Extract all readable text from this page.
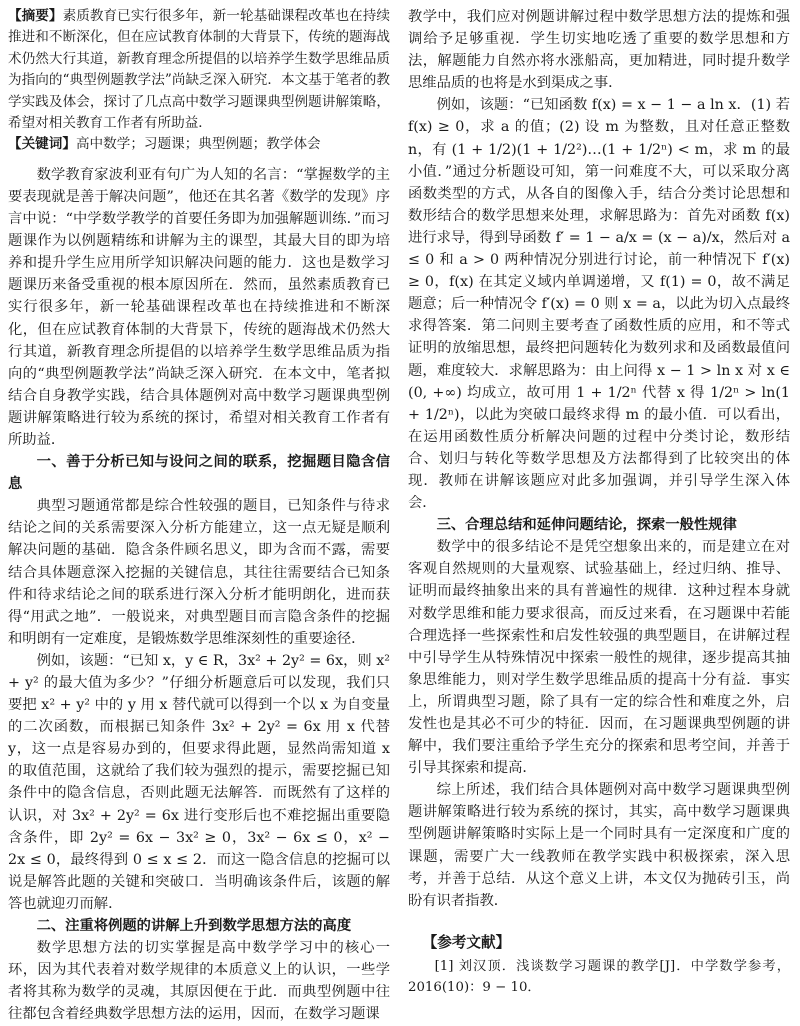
【摘要】素质教育已实行很多年，新一轮基础课程改革也在持续推进和不断深化，但在应试教育体制的大背景下，传统的题海战术仍然大行其道，新教育理念所提倡的以培养学生数学思维品质为指向的“典型例题教学法”尚缺乏深入研究．本文基于笔者的教学实践及体会，探讨了几点高中数学习题课典型例题讲解策略，希望对相关教育工作者有所助益．

【关键词】高中数学；习题课；典型例题；教学体会

数学教育家波利亚有句广为人知的名言：“掌握数学的主要表现就是善于解决问题”，他还在其名著《数学的发现》序言中说：“中学数学教学的首要任务即为加强解题训练．”而习题课作为以例题精练和讲解为主的课型，其最大目的即为培养和提升学生应用所学知识解决问题的能力．这也是数学习题课历来备受重视的根本原因所在．然而，虽然素质教育已实行很多年，新一轮基础课程改革也在持续推进和不断深化，但在应试教育体制的大背景下，传统的题海战术仍然大行其道，新教育理念所提倡的以培养学生数学思维品质为指向的“典型例题教学法”尚缺乏深入研究．在本文中，笔者拟结合自身教学实践，结合具体题例对高中数学习题课典型例题讲解策略进行较为系统的探讨，希望对相关教育工作者有所助益．

一、善于分析已知与设问之间的联系，挖掘题目隐含信息

典型习题通常都是综合性较强的题目，已知条件与待求结论之间的关系需要深入分析方能建立，这一点无疑是顺利解决问题的基础．隐含条件顾名思义，即为含而不露，需要结合具体题意深入挖掘的关键信息，其往往需要结合已知条件和待求结论之间的联系进行深入分析才能明朗化，进而获得“用武之地”．一般说来，对典型题目而言隐含条件的挖掘和明朗有一定难度，是锻炼数学思维深刻性的重要途径．

例如，该题：“已知 x，y ∈ R，3x² + 2y² = 6x，则 x² + y² 的最大值为多少？”仔细分析题意后可以发现，我们只要把 x² + y² 中的 y 用 x 替代就可以得到一个以 x 为自变量的二次函数，而根据已知条件 3x² + 2y² = 6x 用 x 代替 y，这一点是容易办到的，但要求得此题，显然尚需知道 x 的取值范围，这就给了我们较为强烈的提示，需要挖掘已知条件中的隐含信息，否则此题无法解答．而既然有了这样的认识，对 3x² + 2y² = 6x 进行变形后也不难挖掘出重要隐含条件，即 2y² = 6x − 3x² ≥ 0，3x² − 6x ≤ 0，x² − 2x ≤ 0，最终得到 0 ≤ x ≤ 2．而这一隐含信息的挖掘可以说是解答此题的关键和突破口．当明确该条件后，该题的解答也就迎刃而解．

二、注重将例题的讲解上升到数学思想方法的高度

数学思想方法的切实掌握是高中数学学习中的核心一环，因为其代表着对数学规律的本质意义上的认识，一些学者将其称为数学的灵魂，其原因便在于此．而典型例题中往往都包含着经典数学思想方法的运用，因而，在数学习题课

教学中，我们应对例题讲解过程中数学思想方法的提炼和强调给予足够重视．学生切实地吃透了重要的数学思想和方法，解题能力自然亦将水涨船高，更加精进，同时提升数学思维品质的也将是水到渠成之事．

例如，该题：“已知函数 f(x) = x − 1 − a ln x．(1) 若 f(x) ≥ 0，求 a 的值；(2) 设 m 为整数，且对任意正整数 n，有 (1 + 1/2)(1 + 1/2²)…(1 + 1/2ⁿ) < m，求 m 的最小值．”通过分析题设可知，第一问难度不大，可以采取分离函数类型的方式，从各自的图像入手，结合分类讨论思想和数形结合的数学思想来处理，求解思路为：首先对函数 f(x) 进行求导，得到导函数 f′ = 1 − a/x = (x − a)/x，然后对 a ≤ 0 和 a > 0 两种情况分别进行讨论，前一种情况下 f′(x) ≥ 0，f(x) 在其定义域内单调递增，又 f(1) = 0，故不满足题意；后一种情况令 f′(x) = 0 则 x = a，以此为切入点最终求得答案．第二问则主要考查了函数性质的应用，和不等式证明的放缩思想，最终把问题转化为数列求和及函数最值问题，难度较大．求解思路为：由上问得 x − 1 > ln x 对 x ∈ (0, +∞) 均成立，故可用 1 + 1/2ⁿ 代替 x 得 1/2ⁿ > ln(1 + 1/2ⁿ)，以此为突破口最终求得 m 的最小值．可以看出，在运用函数性质分析解决问题的过程中分类讨论，数形结合、划归与转化等数学思想及方法都得到了比较突出的体现．教师在讲解该题应对此多加强调，并引导学生深入体会．

三、合理总结和延伸问题结论，探索一般性规律

数学中的很多结论不是凭空想象出来的，而是建立在对客观自然规则的大量观察、试验基础上，经过归纳、推导、证明而最终抽象出来的具有普遍性的规律．这种过程本身就对数学思维和能力要求很高，而反过来看，在习题课中若能合理选择一些探索性和启发性较强的典型题目，在讲解过程中引导学生从特殊情况中探索一般性的规律，逐步提高其抽象思维能力，则对学生数学思维品质的提高十分有益．事实上，所谓典型习题，除了具有一定的综合性和难度之外，启发性也是其必不可少的特征．因而，在习题课典型例题的讲解中，我们要注重给予学生充分的探索和思考空间，并善于引导其探索和提高．

综上所述，我们结合具体题例对高中数学习题课典型例题讲解策略进行较为系统的探讨，其实，高中数学习题课典型例题讲解策略时实际上是一个同时具有一定深度和广度的课题，需要广大一线教师在教学实践中积极探索，深入思考，并善于总结．从这个意义上讲，本文仅为抛砖引玉，尚盼有识者指教．

【参考文献】

[1] 刘汉顶．浅谈数学习题课的教学[J]．中学数学参考，2016(10)：9 − 10．
